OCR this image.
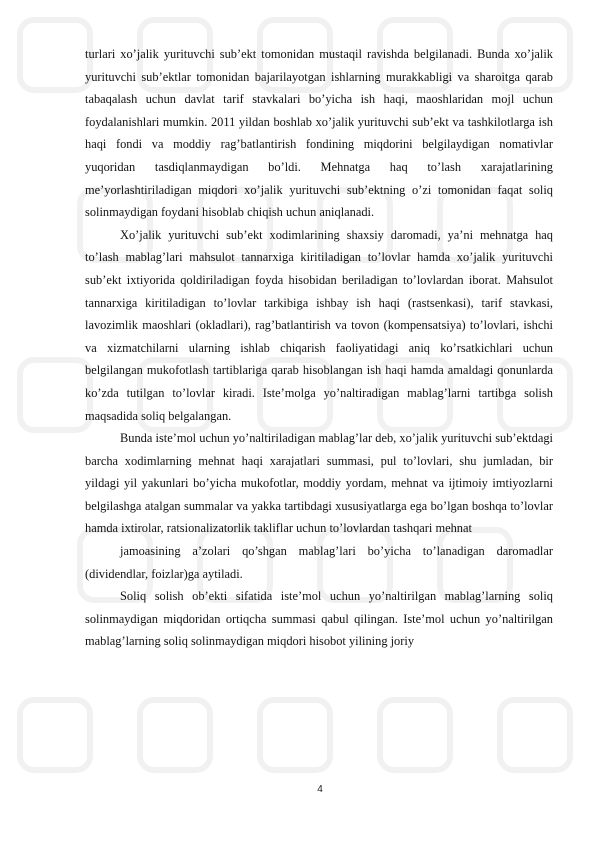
turlari xo’jalik yurituvchi sub’ekt tomonidan mustaqil ravishda belgilanadi. Bunda xo’jalik yurituvchi sub’ektlar tomonidan bajarilayotgan ishlarning murakkabligi va sharoitga qarab tabaqalash uchun davlat tarif stavkalari bo’yicha ish haqi, maoshlaridan mojl uchun foydalanishlari mumkin. 2011 yildan boshlab xo’jalik yurituvchi sub’ekt va tashkilotlarga ish haqi fondi va moddiy rag’batlantirish fondining miqdorini belgilaydigan nomativlar yuqoridan tasdiqlanmaydigan bo’ldi. Mehnatga haq to’lash xarajatlarining me’yorlashtiriladigan miqdori xo’jalik yurituvchi sub’ektning o’zi tomonidan faqat soliq solinmaydigan foydani hisoblab chiqish uchun aniqlanadi.

Xo’jalik yurituvchi sub’ekt xodimlarining shaxsiy daromadi, ya’ni mehnatga haq to’lash mablag’lari mahsulot tannarxiga kiritiladigan to’lovlar hamda xo’jalik yurituvchi sub’ekt ixtiyorida qoldiriladigan foyda hisobidan beriladigan to’lovlardan iborat. Mahsulot tannarxiga kiritiladigan to’lovlar tarkibiga ishbay ish haqi (rastsenkasi), tarif stavkasi, lavozimlik maoshlari (okladlari), rag’batlantirish va tovon (kompensatsiya) to’lovlari, ishchi va xizmatchilarni ularning ishlab chiqarish faoliyatidagi aniq ko’rsatkichlari uchun belgilangan mukofotlash tartiblariga qarab hisoblangan ish haqi hamda amaldagi qonunlarda ko’zda tutilgan to’lovlar kiradi. Iste’molga yo’naltiradigan mablag’larni tartibga solish maqsadida soliq belgalangan.

Bunda iste’mol uchun yo’naltiriladigan mablag’lar deb, xo’jalik yurituvchi sub’ektdagi barcha xodimlarning mehnat haqi xarajatlari summasi, pul to’lovlari, shu jumladan, bir yildagi yil yakunlari bo’yicha mukofotlar, moddiy yordam, mehnat va ijtimoiy imtiyozlarni belgilashga atalgan summalar va yakka tartibdagi xususiyatlarga ega bo’lgan boshqa to’lovlar hamda ixtirolar, ratsionalizatorlik takliflar uchun to’lovlardan tashqari mehnat

jamoasining a’zolari qo’shgan mablag’lari bo’yicha to’lanadigan daromadlar (dividendlar, foizlar)ga aytiladi.

Soliq solish ob’ekti sifatida iste’mol uchun yo’naltirilgan mablag’larning soliq solinmaydigan miqdoridan ortiqcha summasi qabul qilingan. Iste’mol uchun yo’naltirilgan mablag’larning soliq solinmaydigan miqdori hisobot yilining joriy

4
